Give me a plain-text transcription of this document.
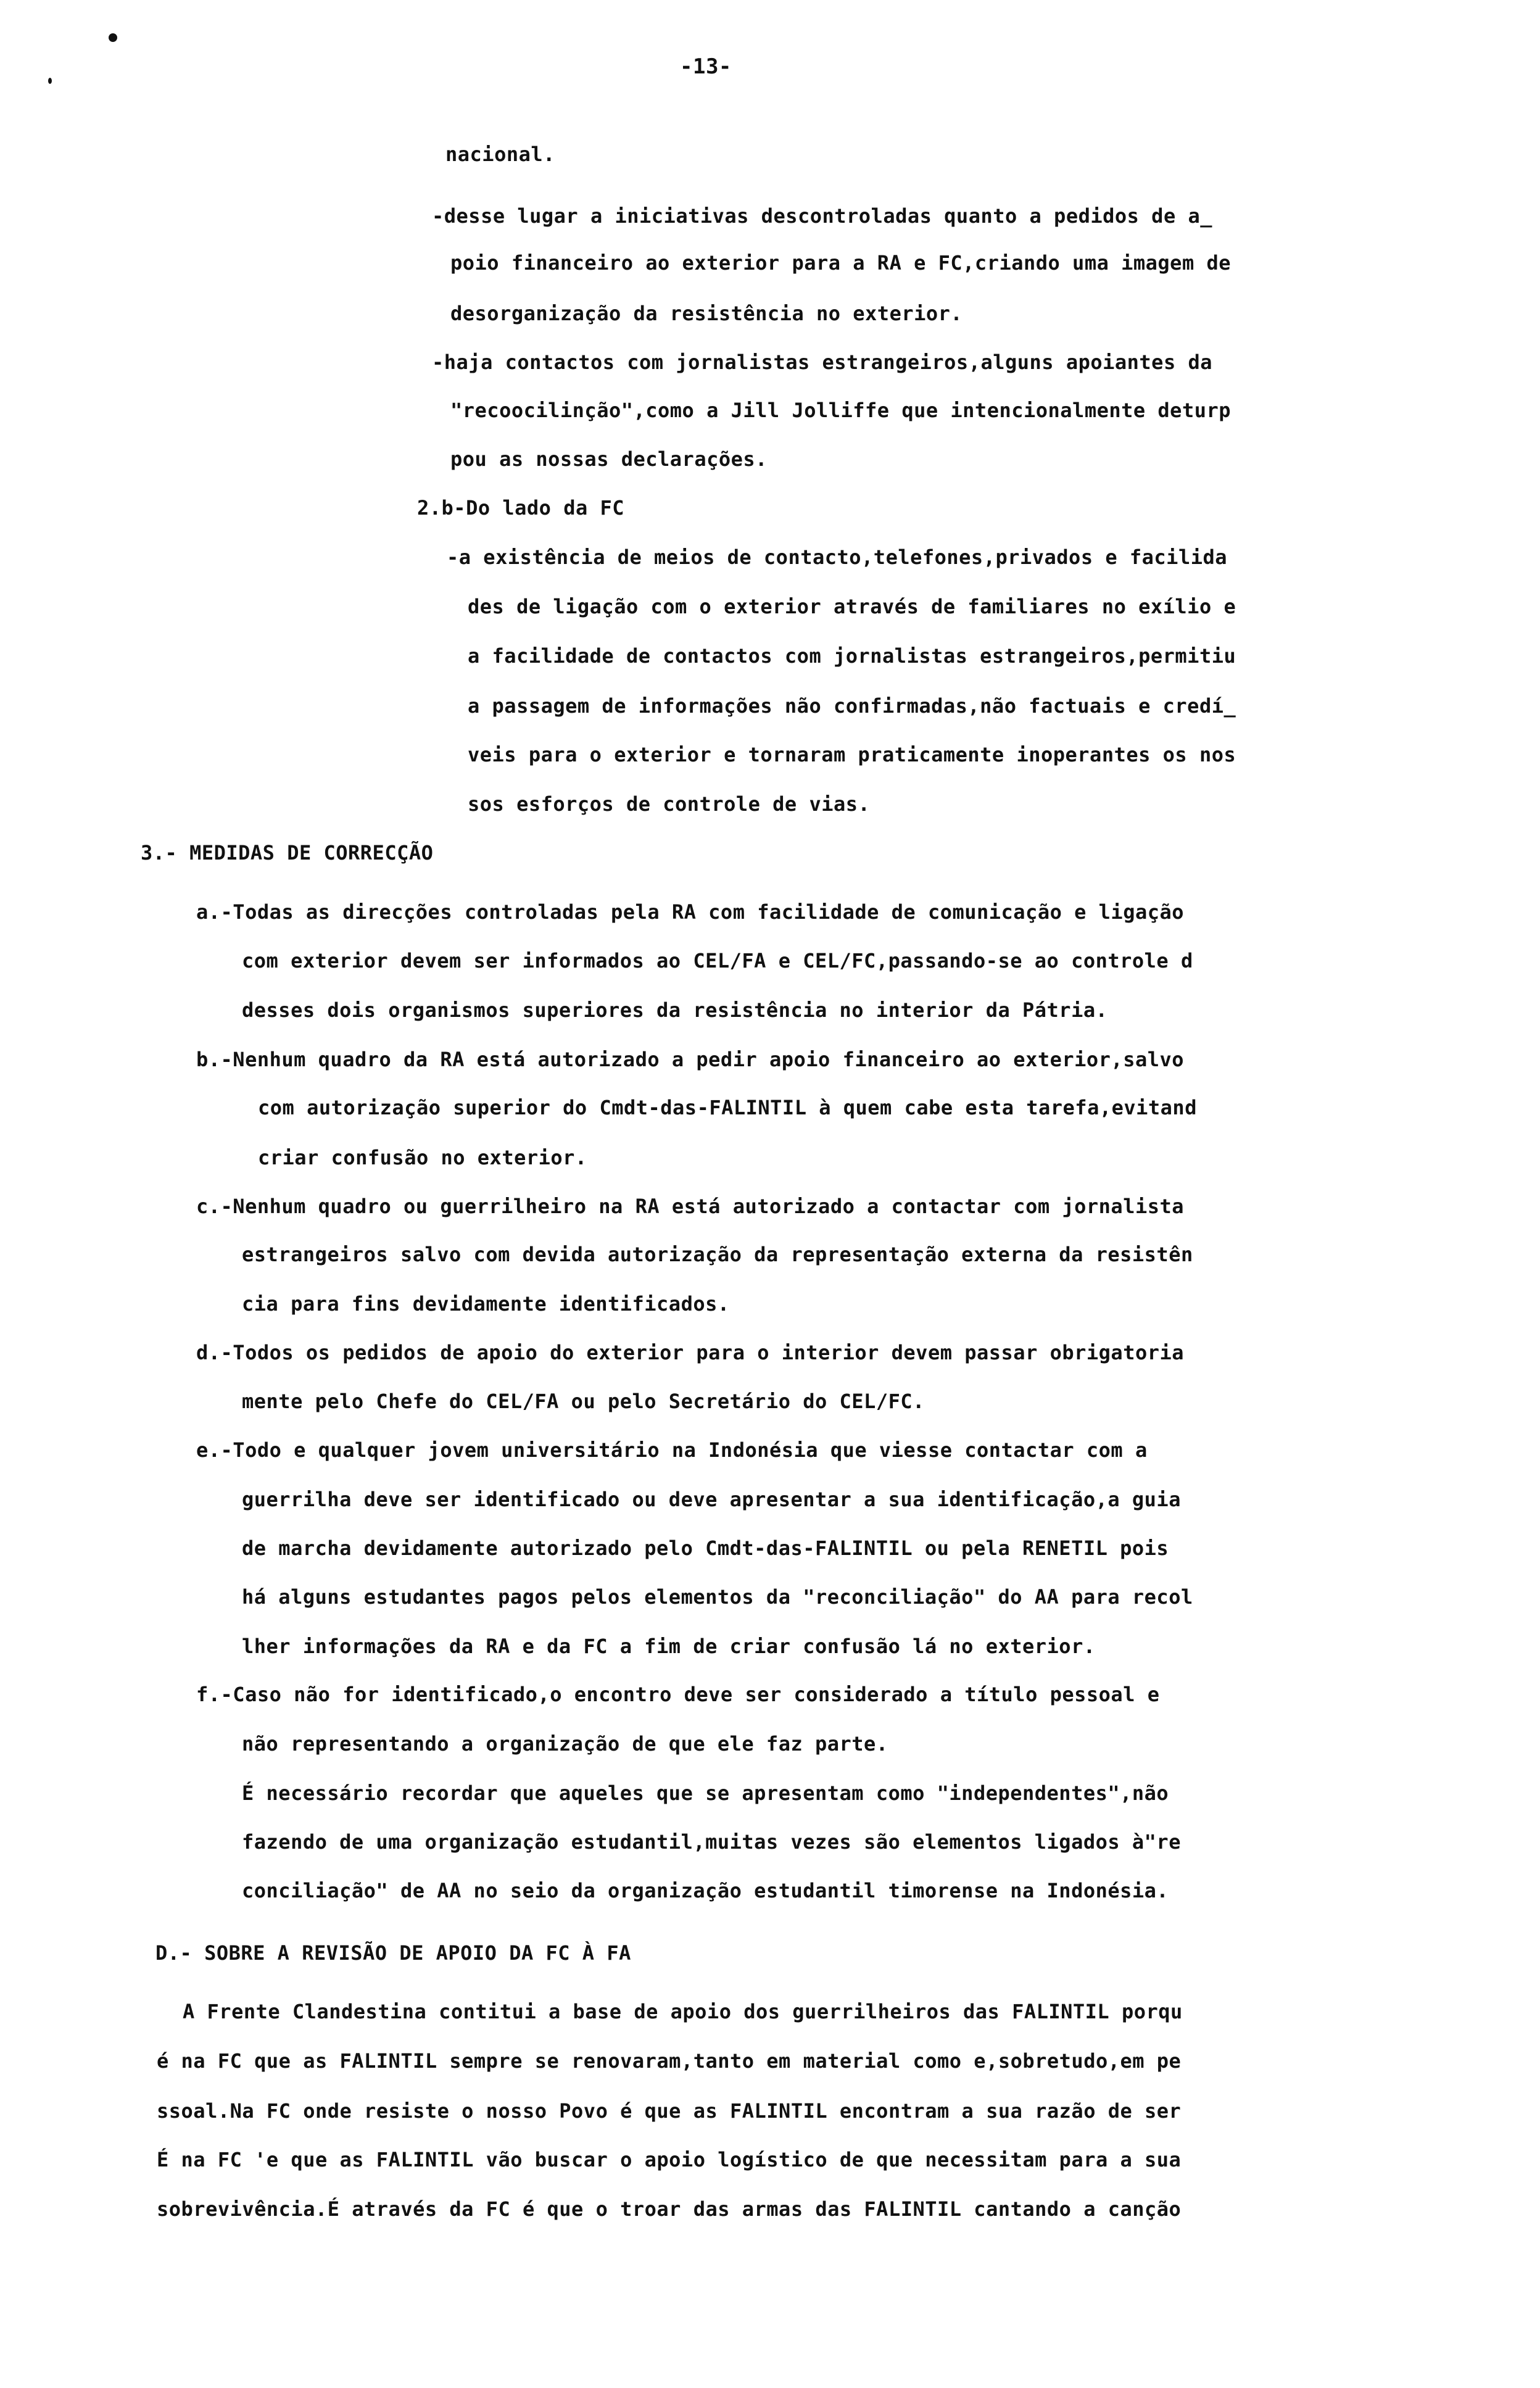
-13-
nacional.
-desse lugar a iniciativas descontroladas quanto a pedidos de a_
poio financeiro ao exterior para a RA e FC,criando uma imagem de
desorganização da resistência no exterior.
-haja contactos com jornalistas estrangeiros,alguns apoiantes da
"recoocilinção",como a Jill Jolliffe que intencionalmente deturp
pou as nossas declarações.
2.b-Do lado da FC
-a existência de meios de contacto,telefones,privados e facilida
des de ligação com o exterior através de familiares no exílio e
a facilidade de contactos com jornalistas estrangeiros,permitiu
a passagem de informações não confirmadas,não factuais e credí_
veis para o exterior e tornaram praticamente inoperantes os nos
sos esforços de controle de vias.
3.- MEDIDAS DE CORRECÇÃO
a.-Todas as direcções controladas pela RA com facilidade de comunicação e ligação
com exterior devem ser informados ao CEL/FA e CEL/FC,passando-se ao controle d
desses dois organismos superiores da resistência no interior da Pátria.
b.-Nenhum quadro da RA está autorizado a pedir apoio financeiro ao exterior,salvo
com autorização superior do Cmdt-das-FALINTIL à quem cabe esta tarefa,evitand
criar confusão no exterior.
c.-Nenhum quadro ou guerrilheiro na RA está autorizado a contactar com jornalista
estrangeiros salvo com devida autorização da representação externa da resistên
cia para fins devidamente identificados.
d.-Todos os pedidos de apoio do exterior para o interior devem passar obrigatoria
mente pelo Chefe do CEL/FA ou pelo Secretário do CEL/FC.
e.-Todo e qualquer jovem universitário na Indonésia que viesse contactar com a
guerrilha deve ser identificado ou deve apresentar a sua identificação,a guia
de marcha devidamente autorizado pelo Cmdt-das-FALINTIL ou pela RENETIL pois
há alguns estudantes pagos pelos elementos da "reconciliação" do AA para recol
lher informações da RA e da FC a fim de criar confusão lá no exterior.
f.-Caso não for identificado,o encontro deve ser considerado a título pessoal e
não representando a organização de que ele faz parte.
É necessário recordar que aqueles que se apresentam como "independentes",não
fazendo de uma organização estudantil,muitas vezes são elementos ligados à"re
conciliação" de AA no seio da organização estudantil timorense na Indonésia.
D.- SOBRE A REVISÃO DE APOIO DA FC À FA
A Frente Clandestina contitui a base de apoio dos guerrilheiros das FALINTIL porqu
é na FC que as FALINTIL sempre se renovaram,tanto em material como e,sobretudo,em pe
ssoal.Na FC onde resiste o nosso Povo é que as FALINTIL encontram a sua razão de ser
É na FC 'e que as FALINTIL vão buscar o apoio logístico de que necessitam para a sua
sobrevivência.É através da FC é que o troar das armas das FALINTIL cantando a canção
